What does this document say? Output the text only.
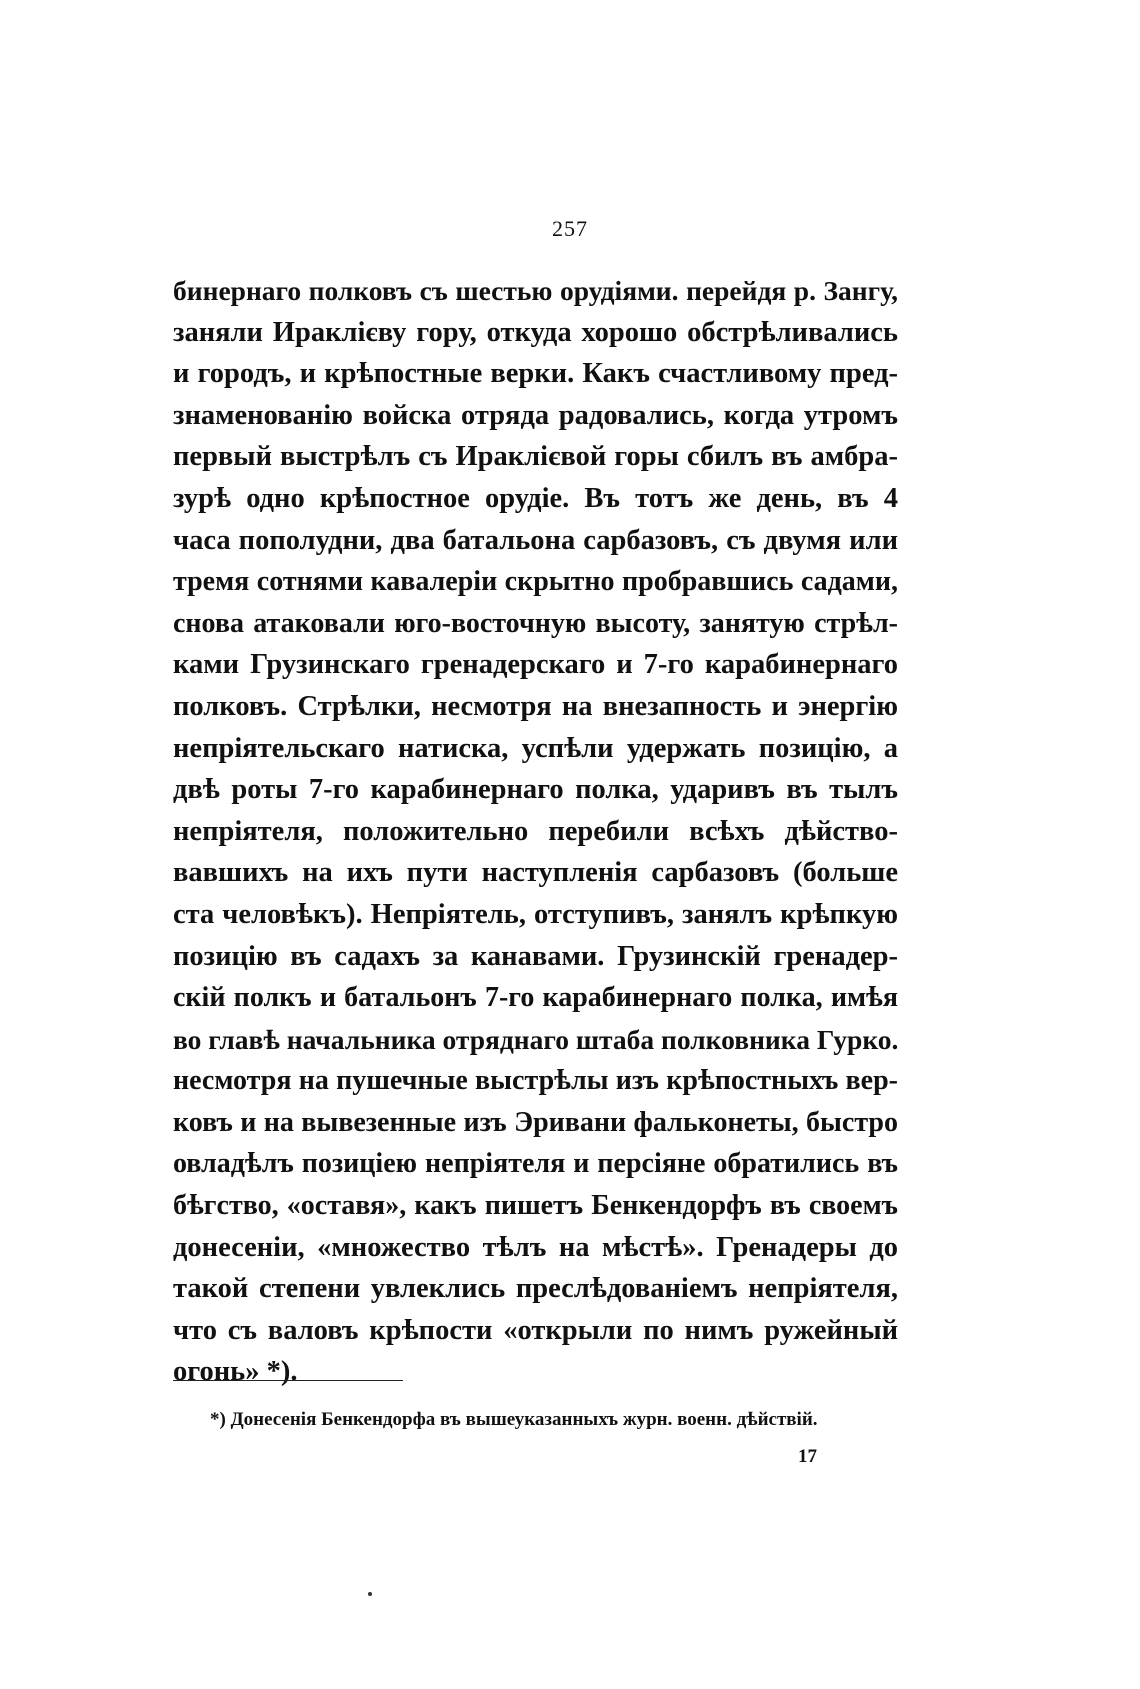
257
бинернаго полковъ съ шестью орудіями. перейдя р. Зангу,
заняли Ираклієву гору, откуда хорошо обстрѣливались
и городъ, и крѣпостные верки. Какъ счастливому пред-
знаменованію войска отряда радовались, когда утромъ
первый выстрѣлъ съ Ираклієвой горы сбилъ въ амбра-
зурѣ одно крѣпостное орудіе. Въ тотъ же день, въ 4
часа пополудни, два батальона сарбазовъ, съ двумя или
тремя сотнями кавалеріи скрытно пробравшись садами,
снова атаковали юго-восточную высоту, занятую стрѣл-
ками Грузинскаго гренадерскаго и 7-го карабинернаго
полковъ. Стрѣлки, несмотря на внезапность и энергію
непріятельскаго натиска, успѣли удержать позицію, а
двѣ роты 7-го карабинернаго полка, ударивъ въ тылъ
непріятеля, положительно перебили всѣхъ дѣйство-
вавшихъ на ихъ пути наступленія сарбазовъ (больше
ста человѣкъ). Непріятель, отступивъ, занялъ крѣпкую
позицію въ садахъ за канавами. Грузинскій гренадер-
скій полкъ и батальонъ 7-го карабинернаго полка, имѣя
во главѣ начальника отряднаго штаба полковника Гурко.
несмотря на пушечные выстрѣлы изъ крѣпостныхъ вер-
ковъ и на вывезенные изъ Эривани фальконеты, быстро
овладѣлъ позиціею непріятеля и персіяне обратились въ
бѣгство, «оставя», какъ пишетъ Бенкендорфъ въ своемъ
донесеніи, «множество тѣлъ на мѣстѣ». Гренадеры до
такой степени увлеклись преслѣдованіемъ непріятеля,
что съ валовъ крѣпости «открыли по нимъ ружейный
огонь» *).
*) Донесенія Бенкендорфа въ вышеуказанныхъ журн. военн. дѣйствій.
17
